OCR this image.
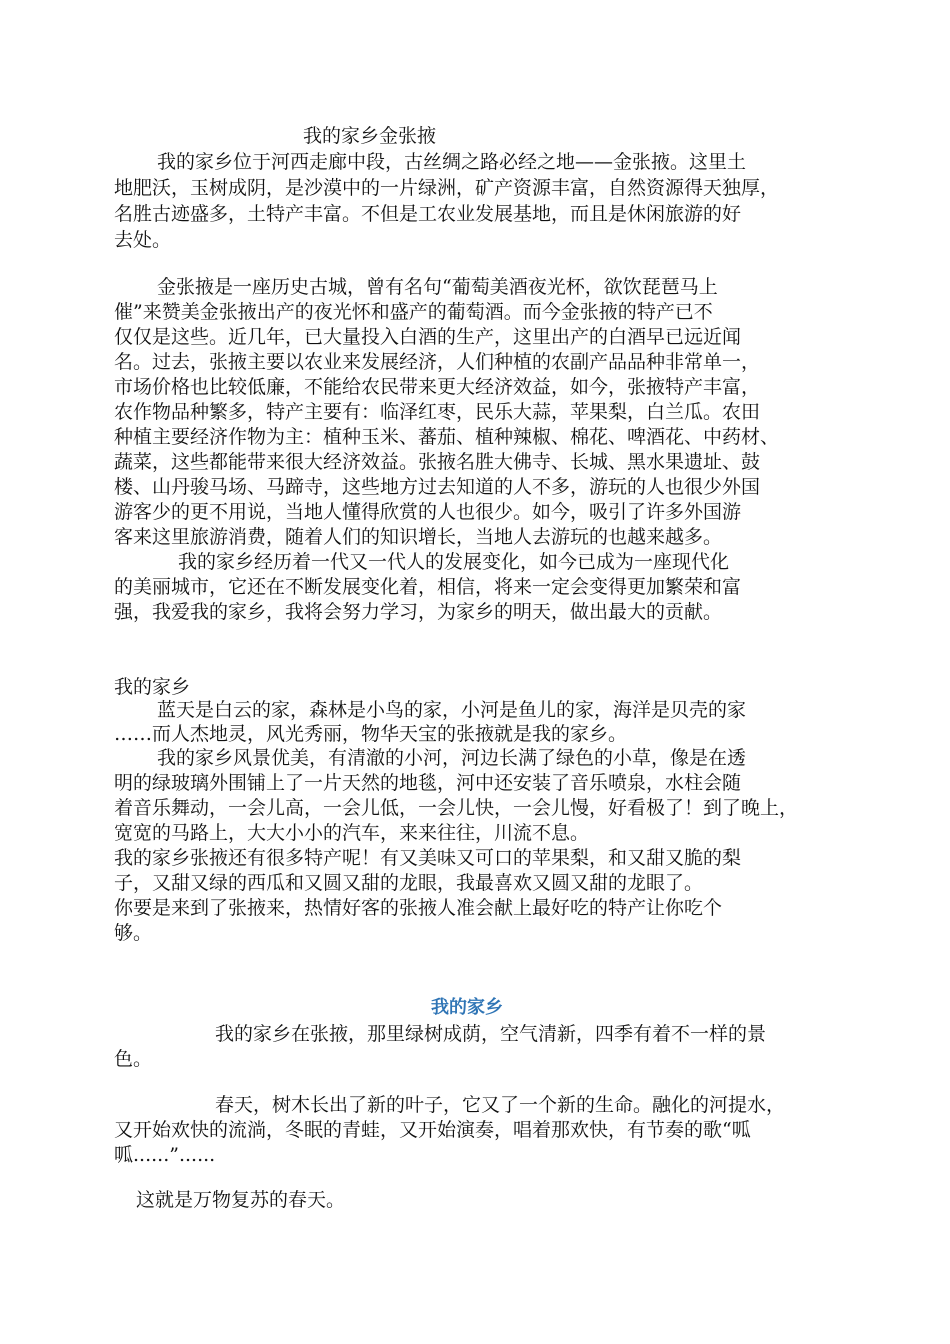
我的家乡金张掖
我的家乡位于河西走廊中段，古丝绸之路必经之地——金张掖。这里土
地肥沃，玉树成阴，是沙漠中的一片绿洲，矿产资源丰富，自然资源得天独厚，
名胜古迹盛多，土特产丰富。不但是工农业发展基地，而且是休闲旅游的好
去处。
金张掖是一座历史古城，曾有名句“葡萄美酒夜光杯，欲饮琵琶马上
催”来赞美金张掖出产的夜光怀和盛产的葡萄酒。而今金张掖的特产已不
仅仅是这些。近几年，已大量投入白酒的生产，这里出产的白酒早已远近闻
名。过去，张掖主要以农业来发展经济，人们种植的农副产品品种非常单一，
市场价格也比较低廉，不能给农民带来更大经济效益，如今，张掖特产丰富，
农作物品种繁多，特产主要有：临泽红枣，民乐大蒜，苹果梨，白兰瓜。农田
种植主要经济作物为主：植种玉米、蕃茄、植种辣椒、棉花、啤酒花、中药材、
蔬菜，这些都能带来很大经济效益。张掖名胜大佛寺、长城、黑水果遗址、鼓
楼、山丹骏马场、马蹄寺，这些地方过去知道的人不多，游玩的人也很少外国
游客少的更不用说，当地人懂得欣赏的人也很少。如今，吸引了许多外国游
客来这里旅游消费，随着人们的知识增长，当地人去游玩的也越来越多。
我的家乡经历着一代又一代人的发展变化，如今已成为一座现代化
的美丽城市，它还在不断发展变化着，相信，将来一定会变得更加繁荣和富
强，我爱我的家乡，我将会努力学习，为家乡的明天，做出最大的贡献。
我的家乡
蓝天是白云的家，森林是小鸟的家，小河是鱼儿的家，海洋是贝壳的家
……而人杰地灵，风光秀丽，物华天宝的张掖就是我的家乡。
我的家乡风景优美，有清澈的小河，河边长满了绿色的小草，像是在透
明的绿玻璃外围铺上了一片天然的地毯，河中还安装了音乐喷泉，水柱会随
着音乐舞动，一会儿高，一会儿低，一会儿快，一会儿慢，好看极了！到了晚上，
宽宽的马路上，大大小小的汽车，来来往往，川流不息。
我的家乡张掖还有很多特产呢！有又美味又可口的苹果梨，和又甜又脆的梨
子，又甜又绿的西瓜和又圆又甜的龙眼，我最喜欢又圆又甜的龙眼了。
你要是来到了张掖来，热情好客的张掖人准会献上最好吃的特产让你吃个
够。
我的家乡
我的家乡在张掖，那里绿树成荫，空气清新，四季有着不一样的景
色。
春天，树木长出了新的叶子，它又了一个新的生命。融化的河提水，
又开始欢快的流淌，冬眠的青蛙，又开始演奏，唱着那欢快，有节奏的歌“呱
呱......”......
这就是万物复苏的春天。
